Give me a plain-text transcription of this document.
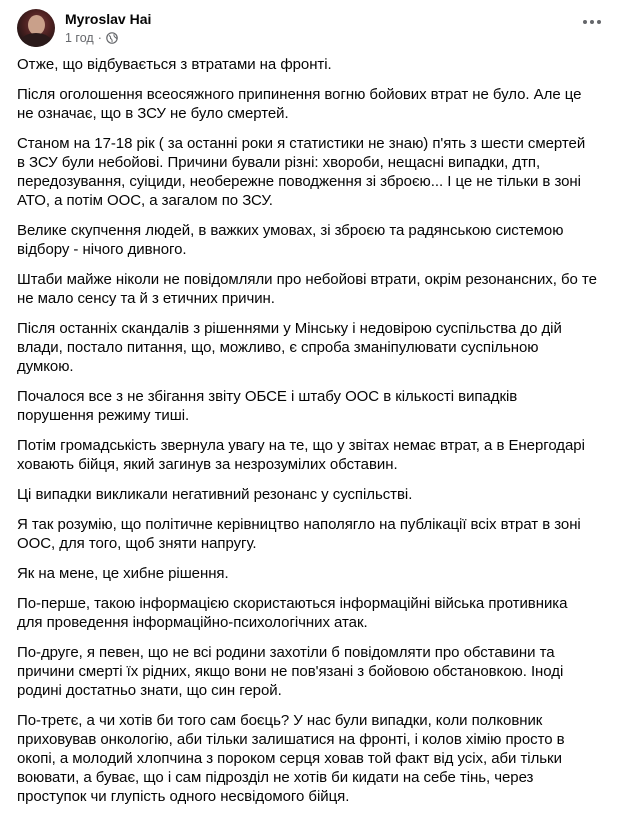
Myroslav Hai
1 год ·

Отже, що відбувається з втратами на фронті.

Після оголошення всеосяжного припинення вогню бойових втрат не було. Але це не означає, що в ЗСУ не було смертей.

Станом на 17-18 рік ( за останні роки я статистики не знаю) п'ять з шести смертей в ЗСУ були небойові. Причини бували різні: хвороби, нещасні випадки, дтп, передозування, суіциди, необережне поводження зі зброєю... І це не тільки в зоні АТО, а потім ООС, а загалом по ЗСУ.

Велике скупчення людей, в важких умовах, зі зброєю та радянською системою відбору - нічого дивного.

Штаби майже ніколи не повідомляли про небойові втрати, окрім резонансних, бо те не мало сенсу та й з етичних причин.

Після останніх скандалів з рішеннями у Мінську і недовірою суспільства до дій влади, постало питання, що, можливо, є спроба зманіпулювати суспільною думкою.

Почалося все з не збігання звіту ОБСЕ і штабу ООС в кількості випадків порушення режиму тиші.

Потім громадськість звернула увагу на те, що у звітах немає втрат, а в Енергодарі ховають бійця, який загинув за незрозумілих обставин.

Ці випадки викликали негативний резонанс у суспільстві.

Я так розумію, що політичне керівництво наполягло на публікації всіх втрат в зоні ООС, для того, щоб зняти напругу.

Як на мене, це хибне рішення.

По-перше, такою інформацією скористаються інформаційні війська противника для проведення інформаційно-психологічних атак.

По-друге, я певен, що не всі родини захотіли б повідомляти про обставини та причини смерті їх рідних, якщо вони не пов'язані з бойовою обстановкою. Іноді родині достатньо знати, що син герой.

По-третє, а чи хотів би того сам боєць? У нас були випадки, коли полковник приховував онкологію, аби тільки залишатися на фронті, і колов хімію просто в окопі, а молодий хлопчина з пороком серця ховав той факт від усіх, аби тільки воювати, а буває, що і сам підрозділ не хотів би кидати на себе тінь, через проступок чи глупість одного несвідомого бійця.
